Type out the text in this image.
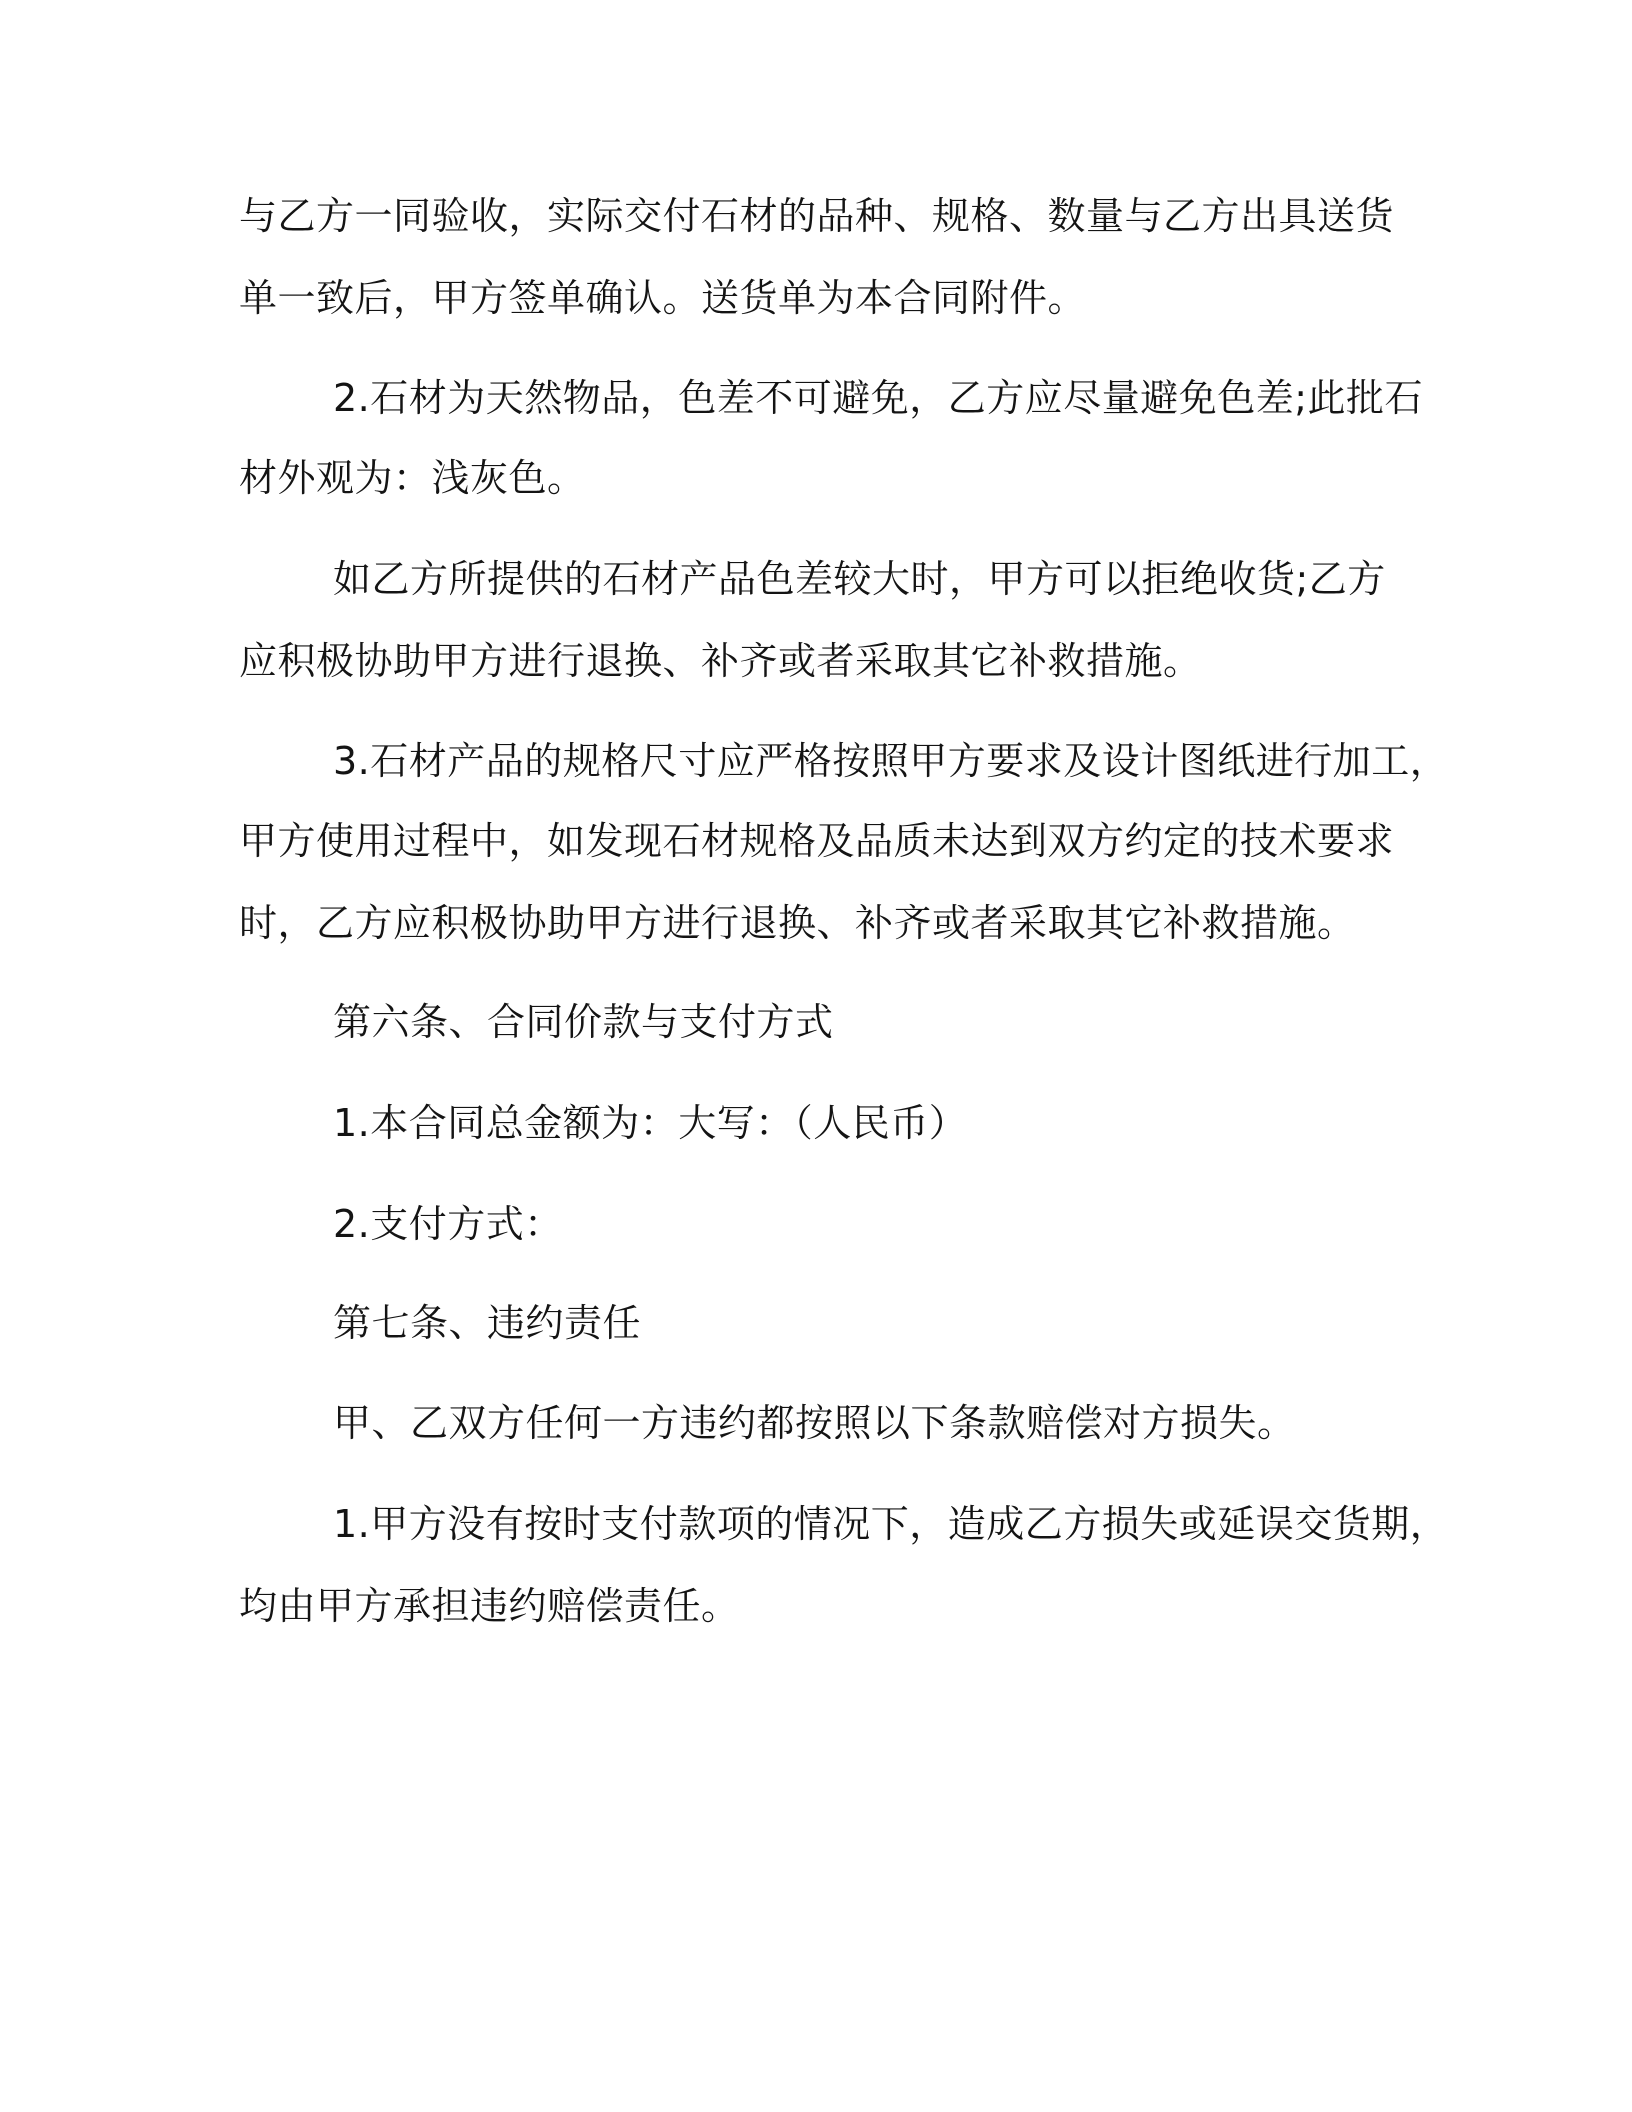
与乙方一同验收，实际交付石材的品种、规格、数量与乙方出具送货
单一致后，甲方签单确认。送货单为本合同附件。
2.石材为天然物品，色差不可避免，乙方应尽量避免色差;此批石
材外观为：浅灰色。
如乙方所提供的石材产品色差较大时，甲方可以拒绝收货;乙方
应积极协助甲方进行退换、补齐或者采取其它补救措施。
3.石材产品的规格尺寸应严格按照甲方要求及设计图纸进行加工，
甲方使用过程中，如发现石材规格及品质未达到双方约定的技术要求
时，乙方应积极协助甲方进行退换、补齐或者采取其它补救措施。
第六条、合同价款与支付方式
1.本合同总金额为：大写：（人民币）
2.支付方式：
第七条、违约责任
甲、乙双方任何一方违约都按照以下条款赔偿对方损失。
1.甲方没有按时支付款项的情况下，造成乙方损失或延误交货期，
均由甲方承担违约赔偿责任。
